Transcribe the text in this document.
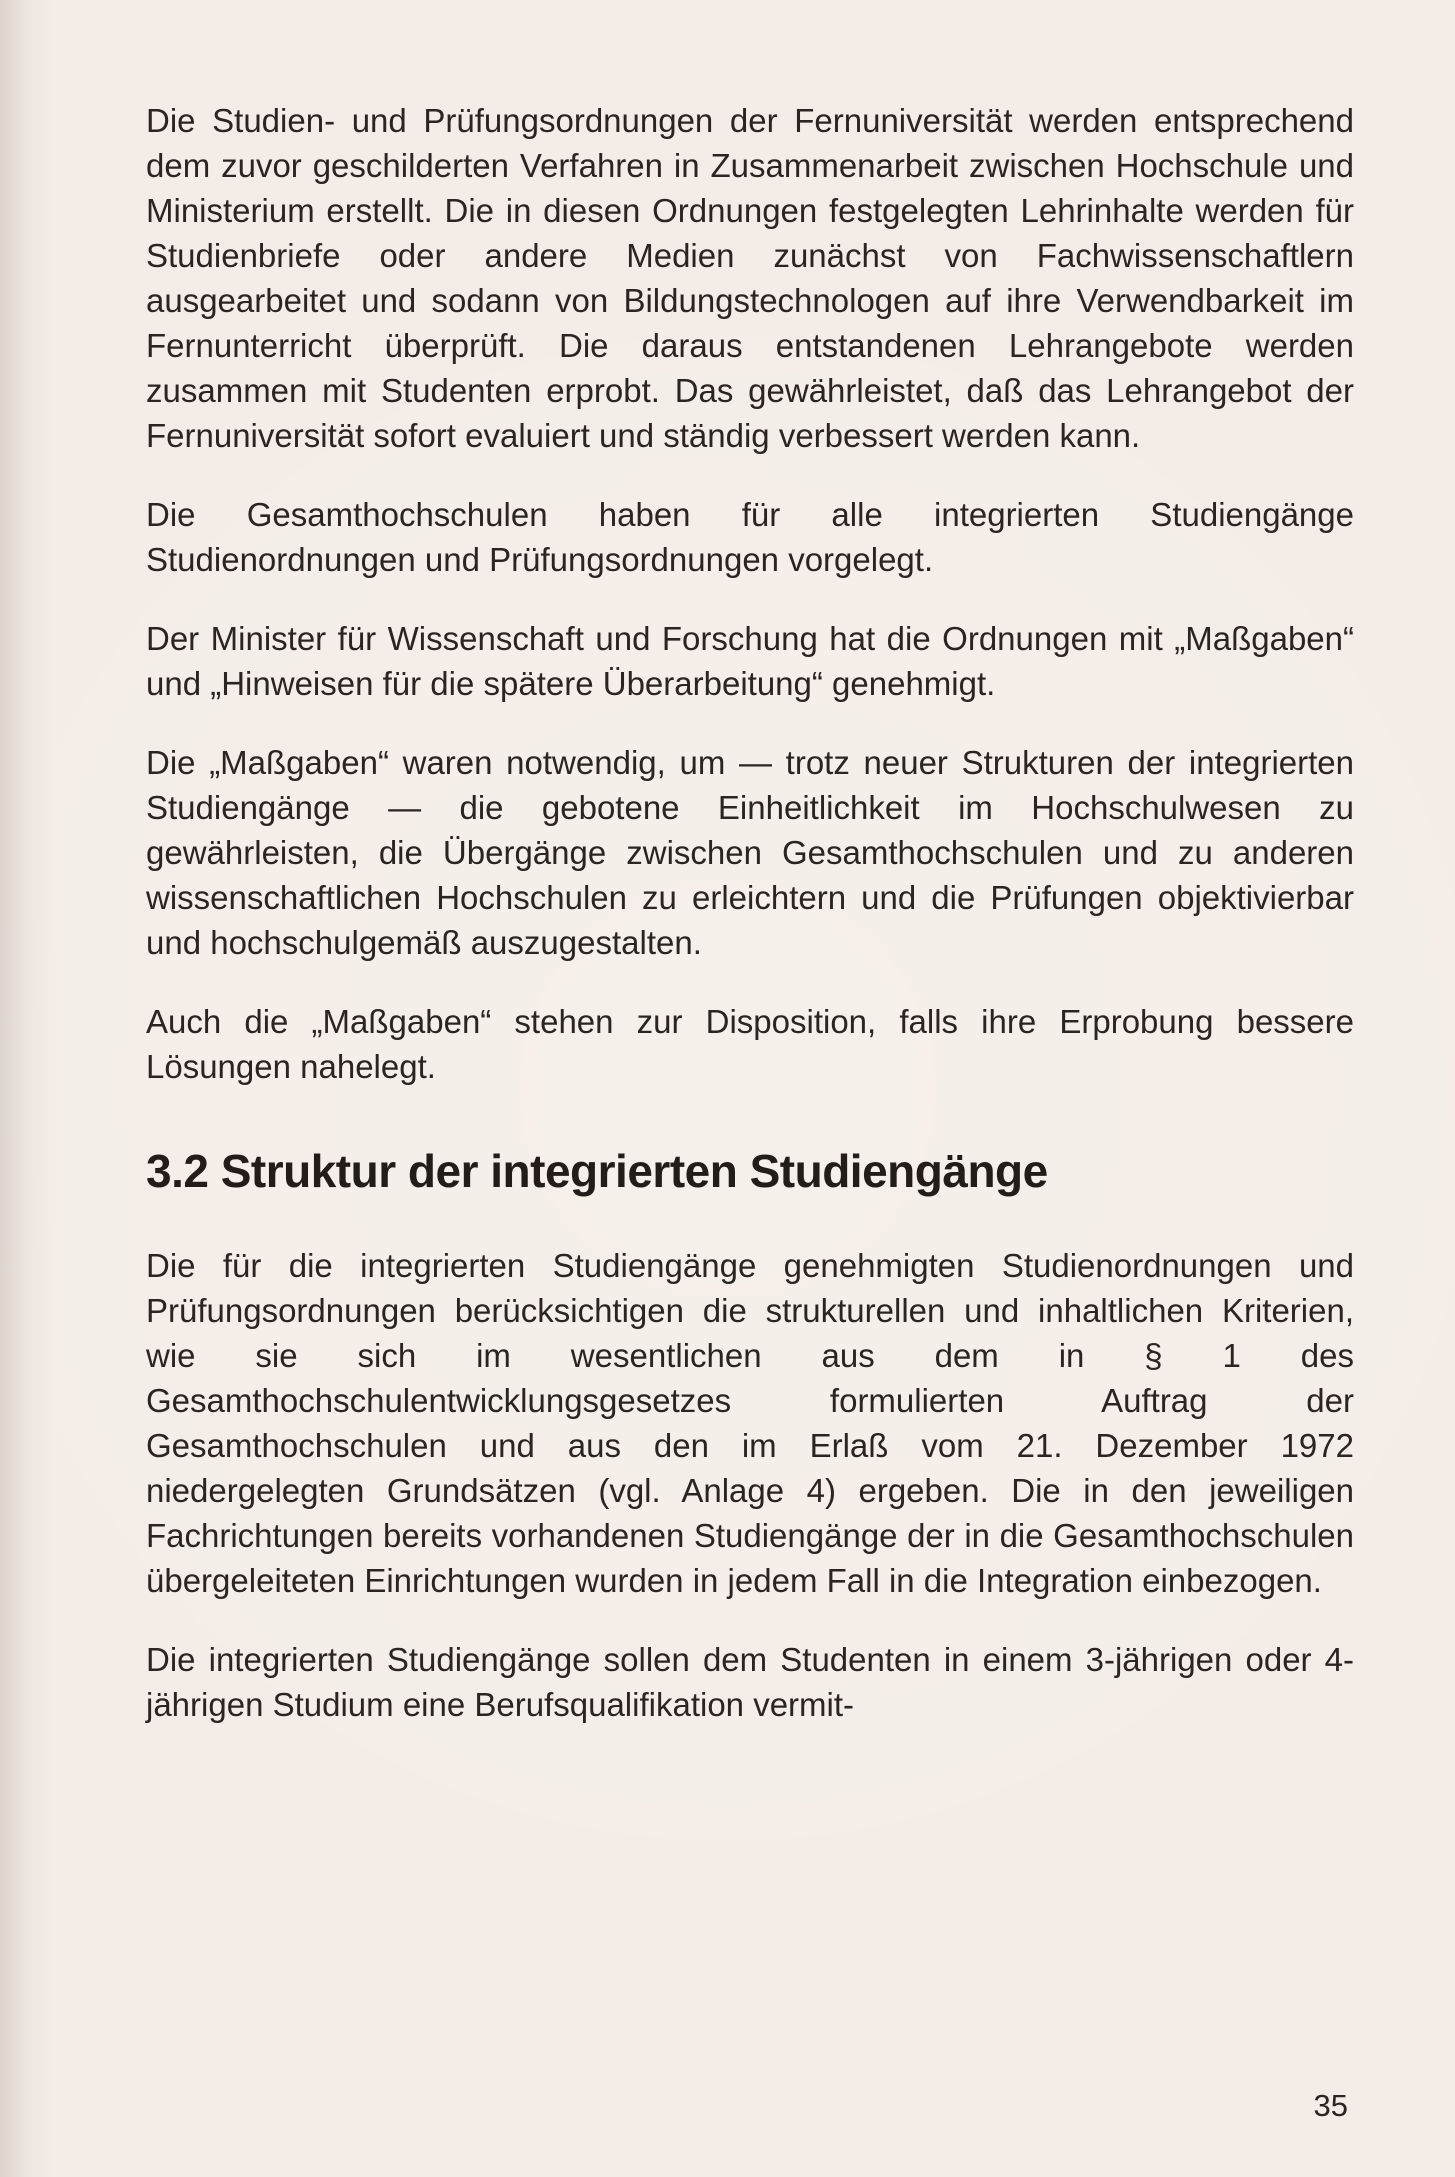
Die Studien- und Prüfungsordnungen der Fernuniversität werden entsprechend dem zuvor geschilderten Verfahren in Zusammenarbeit zwischen Hochschule und Ministerium erstellt. Die in diesen Ordnungen festgelegten Lehrinhalte werden für Studienbriefe oder andere Medien zunächst von Fachwissenschaftlern ausgearbeitet und sodann von Bildungstechnologen auf ihre Verwendbarkeit im Fernunterricht überprüft. Die daraus entstandenen Lehrangebote werden zusammen mit Studenten erprobt. Das gewährleistet, daß das Lehrangebot der Fernuniversität sofort evaluiert und ständig verbessert werden kann.

Die Gesamthochschulen haben für alle integrierten Studiengänge Studienordnungen und Prüfungsordnungen vorgelegt.

Der Minister für Wissenschaft und Forschung hat die Ordnungen mit „Maßgaben“ und „Hinweisen für die spätere Überarbeitung“ genehmigt.

Die „Maßgaben“ waren notwendig, um — trotz neuer Strukturen der integrierten Studiengänge — die gebotene Einheitlichkeit im Hochschulwesen zu gewährleisten, die Übergänge zwischen Gesamthochschulen und zu anderen wissenschaftlichen Hochschulen zu erleichtern und die Prüfungen objektivierbar und hochschulgemäß auszugestalten.

Auch die „Maßgaben“ stehen zur Disposition, falls ihre Erprobung bessere Lösungen nahelegt.

3.2 Struktur der integrierten Studiengänge

Die für die integrierten Studiengänge genehmigten Studienordnungen und Prüfungsordnungen berücksichtigen die strukturellen und inhaltlichen Kriterien, wie sie sich im wesentlichen aus dem in § 1 des Gesamthochschulentwicklungsgesetzes formulierten Auftrag der Gesamthochschulen und aus den im Erlaß vom 21. Dezember 1972 niedergelegten Grundsätzen (vgl. Anlage 4) ergeben. Die in den jeweiligen Fachrichtungen bereits vorhandenen Studiengänge der in die Gesamthochschulen übergeleiteten Einrichtungen wurden in jedem Fall in die Integration einbezogen.

Die integrierten Studiengänge sollen dem Studenten in einem 3-jährigen oder 4-jährigen Studium eine Berufsqualifikation vermit-

35
